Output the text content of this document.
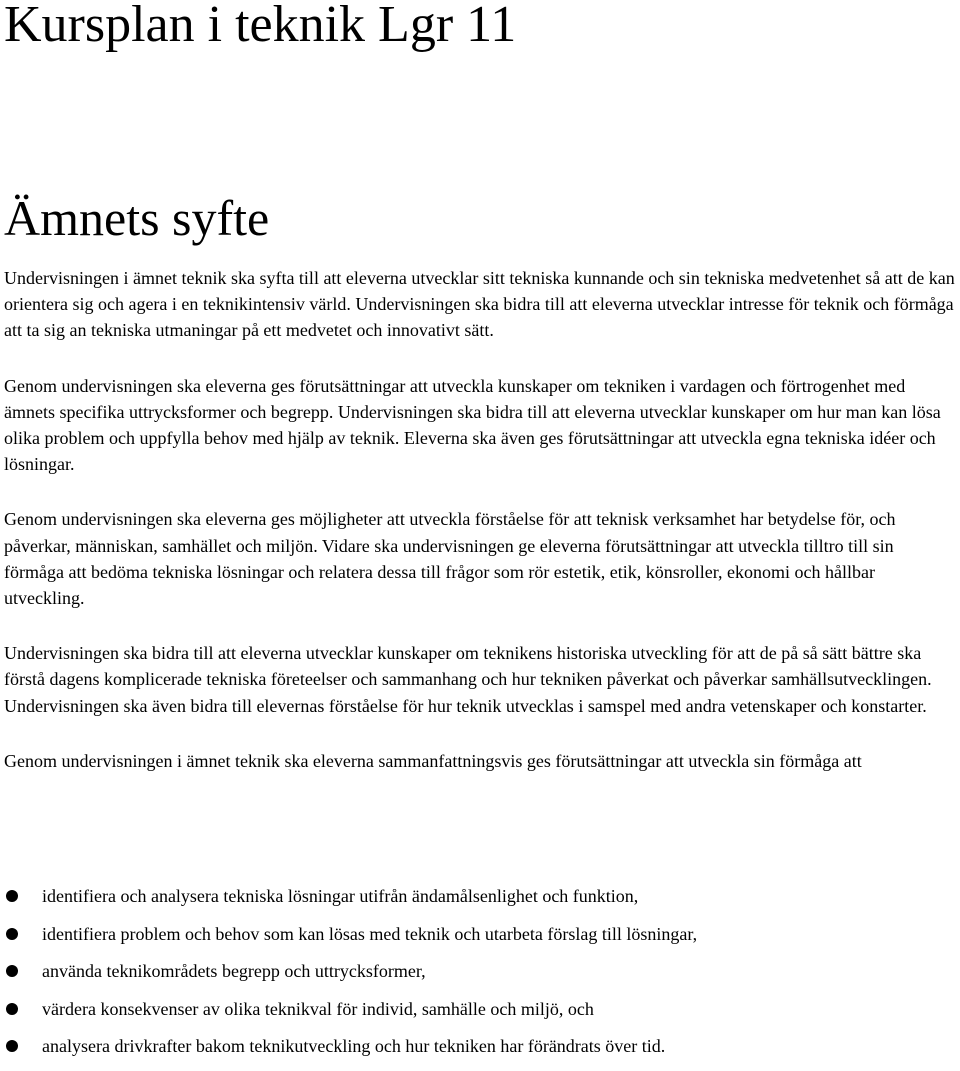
Kursplan i teknik Lgr 11
Ämnets syfte

Undervisningen i ämnet teknik ska syfta till att eleverna utvecklar sitt tekniska kunnande och sin tekniska medvetenhet så att de kan orientera sig och agera i en teknikintensiv värld. Undervisningen ska bidra till att eleverna utvecklar intresse för teknik och förmåga att ta sig an tekniska utmaningar på ett medvetet och innovativt sätt.

Genom undervisningen ska eleverna ges förutsättningar att utveckla kunskaper om tekniken i vardagen och förtrogenhet med ämnets specifika uttrycksformer och begrepp. Undervisningen ska bidra till att eleverna utvecklar kunskaper om hur man kan lösa olika problem och uppfylla behov med hjälp av teknik. Eleverna ska även ges förutsättningar att utveckla egna tekniska idéer och lösningar.

Genom undervisningen ska eleverna ges möjligheter att utveckla förståelse för att teknisk verksamhet har betydelse för, och påverkar, människan, samhället och miljön. Vidare ska undervisningen ge eleverna förutsättningar att utveckla tilltro till sin förmåga att bedöma tekniska lösningar och relatera dessa till frågor som rör estetik, etik, könsroller, ekonomi och hållbar utveckling.

Undervisningen ska bidra till att eleverna utvecklar kunskaper om teknikens historiska utveckling för att de på så sätt bättre ska förstå dagens komplicerade tekniska företeelser och sammanhang och hur tekniken påverkat och påverkar samhällsutvecklingen. Undervisningen ska även bidra till elevernas förståelse för hur teknik utvecklas i samspel med andra vetenskaper och konstarter.

Genom undervisningen i ämnet teknik ska eleverna sammanfattningsvis ges förutsättningar att utveckla sin förmåga att

identifiera och analysera tekniska lösningar utifrån ändamålsenlighet och funktion,
identifiera problem och behov som kan lösas med teknik och utarbeta förslag till lösningar,
använda teknikområdets begrepp och uttrycksformer,
värdera konsekvenser av olika teknikval för individ, samhälle och miljö, och
analysera drivkrafter bakom teknikutveckling och hur tekniken har förändrats över tid.
